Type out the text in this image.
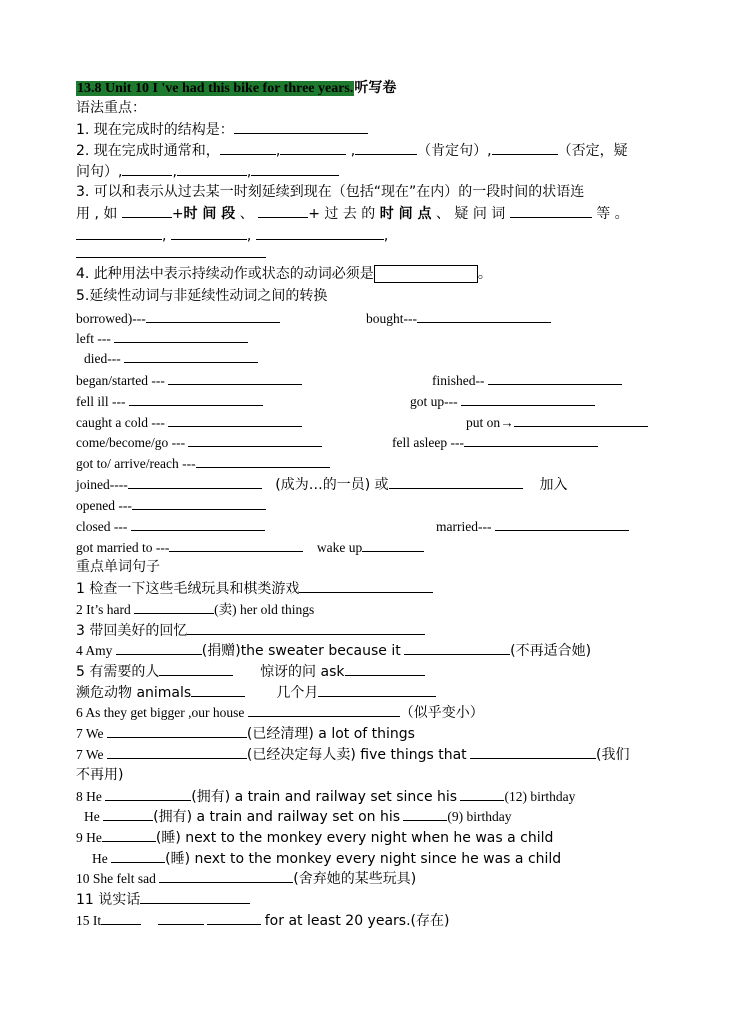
13.8 Unit 10 I 've had this bike for three years.听写卷
语法重点：
1. 现在完成时的结构是：
2. 现在完成时通常和，	,	,	（肯定句）,	（否定，疑
问句）,	,	,
3. 可以和表示从过去某一时刻延续到现在（包括“现在”在内）的一段时间的状语连
用 , 如	+时 间 段 、	+ 过 去 的 时 间 点 、 疑 问 词	等 。
,	,	,
4. 此种用法中表示持续动作或状态的动词必须是	。
5.延续性动词与非延续性动词之间的转换
borrowed)---	bought---
left ---
died---
began/started ---	finished--
fell ill ---	got up---
caught a cold ---	put on→
come/become/go ---	fell asleep ---
got to/ arrive/reach ---
joined----	(成为…的一员) 或	加入
opened ---
closed ---	married---
got married to ---	wake up
重点单词句子
1 检查一下这些毛绒玩具和棋类游戏
2 It’s hard	(卖) her old things
3 带回美好的回忆
4 Amy	(捐赠)the sweater because it	(不再适合她)
5 有需要的人	惊讶的问 ask
濒危动物 animals	几个月
6 As they get bigger ,our house	（似乎变小）
7 We	(已经清理) a lot of things
7 We	(已经决定每人卖) five things that	(我们
不再用)
8 He	(拥有) a train and railway set since his	(12) birthday
He	(拥有) a train and railway set on his	(9) birthday
9 He	(睡) next to the monkey every night when he was a child
He	(睡) next to the monkey every night since he was a child
10 She felt sad	(舍弃她的某些玩具)
11 说实话
15 It	for at least 20 years.(存在)
